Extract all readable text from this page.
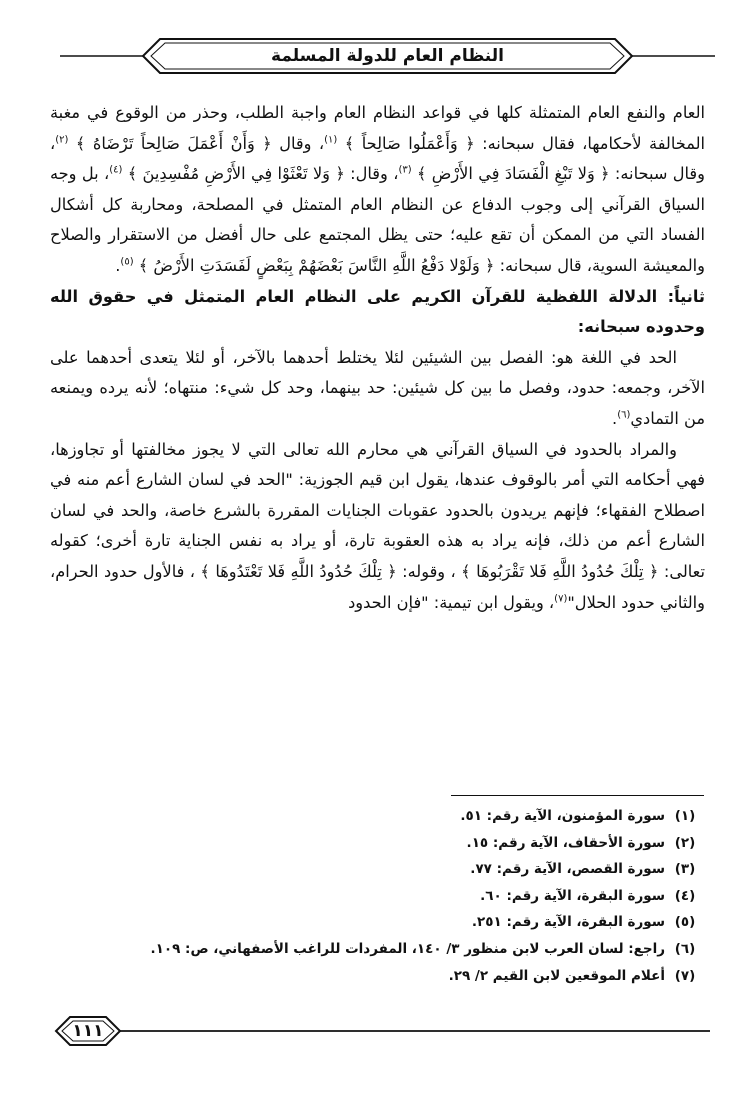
النظام العام للدولة المسلمة

العام والنفع العام المتمثلة كلها في قواعد النظام العام واجبة الطلب، وحذر من الوقوع في مغبة المخالفة لأحكامها، فقال سبحانه: ﴿ وَأَعْمَلُوا صَالِحاً ﴾ $^{(١)}$، وقال ﴿ وَأَنْ أَعْمَلَ صَالِحاً تَرْضَاهُ ﴾ $^{(٢)}$، وقال سبحانه: ﴿ وَلا تَبْغِ الْفَسَادَ فِي الأَرْضِ ﴾ $^{(٣)}$، وقال: ﴿ وَلا تَعْثَوْا فِي الأَرْضِ مُفْسِدِينَ ﴾ $^{(٤)}$، بل وجه السياق القرآني إلى وجوب الدفاع عن النظام العام المتمثل في المصلحة، ومحاربة كل أشكال الفساد التي من الممكن أن تقع عليه؛ حتى يظل المجتمع على حال أفضل من الاستقرار والصلاح والمعيشة السوية، قال سبحانه: ﴿ وَلَوْلا دَفْعُ اللَّهِ النَّاسَ بَعْضَهُمْ بِبَعْضٍ لَفَسَدَتِ الأَرْضُ ﴾ $^{(٥)}$.

ثانياً: الدلالة اللفظية للقرآن الكريم على النظام العام المتمثل في حقوق الله وحدوده سبحانه:

الحد في اللغة هو: الفصل بين الشيئين لئلا يختلط أحدهما بالآخر، أو لئلا يتعدى أحدهما على الآخر، وجمعه: حدود، وفصل ما بين كل شيئين: حد بينهما، وحد كل شيء: منتهاه؛ لأنه يرده ويمنعه من التمادي$^{(٦)}$.

والمراد بالحدود في السياق القرآني هي محارم الله تعالى التي لا يجوز مخالفتها أو تجاوزها، فهي أحكامه التي أمر بالوقوف عندها، يقول ابن قيم الجوزية: "الحد في لسان الشارع أعم منه في اصطلاح الفقهاء؛ فإنهم يريدون بالحدود عقوبات الجنايات المقررة بالشرع خاصة، والحد في لسان الشارع أعم من ذلك، فإنه يراد به هذه العقوبة تارة، أو يراد به نفس الجناية تارة أخرى؛ كقوله تعالى: ﴿ تِلْكَ حُدُودُ اللَّهِ فَلا تَقْرَبُوهَا ﴾ ، وقوله: ﴿ تِلْكَ حُدُودُ اللَّهِ فَلا تَعْتَدُوهَا ﴾ ، فالأول حدود الحرام، والثاني حدود الحلال"$^{(٧)}$، ويقول ابن تيمية: "فإن الحدود

(١)
سورة المؤمنون، الآية رقم: ٥١.
(٢)
سورة الأحقاف، الآية رقم: ١٥.
(٣)
سورة القصص، الآية رقم: ٧٧.
(٤)
سورة البقرة، الآية رقم: ٦٠.
(٥)
سورة البقرة، الآية رقم: ٢٥١.
(٦)
راجع: لسان العرب لابن منظور ٣/ ١٤٠، المفردات للراغب الأصفهاني، ص: ١٠٩.
(٧)
أعلام الموقعين لابن القيم ٢/ ٢٩.
١١١
